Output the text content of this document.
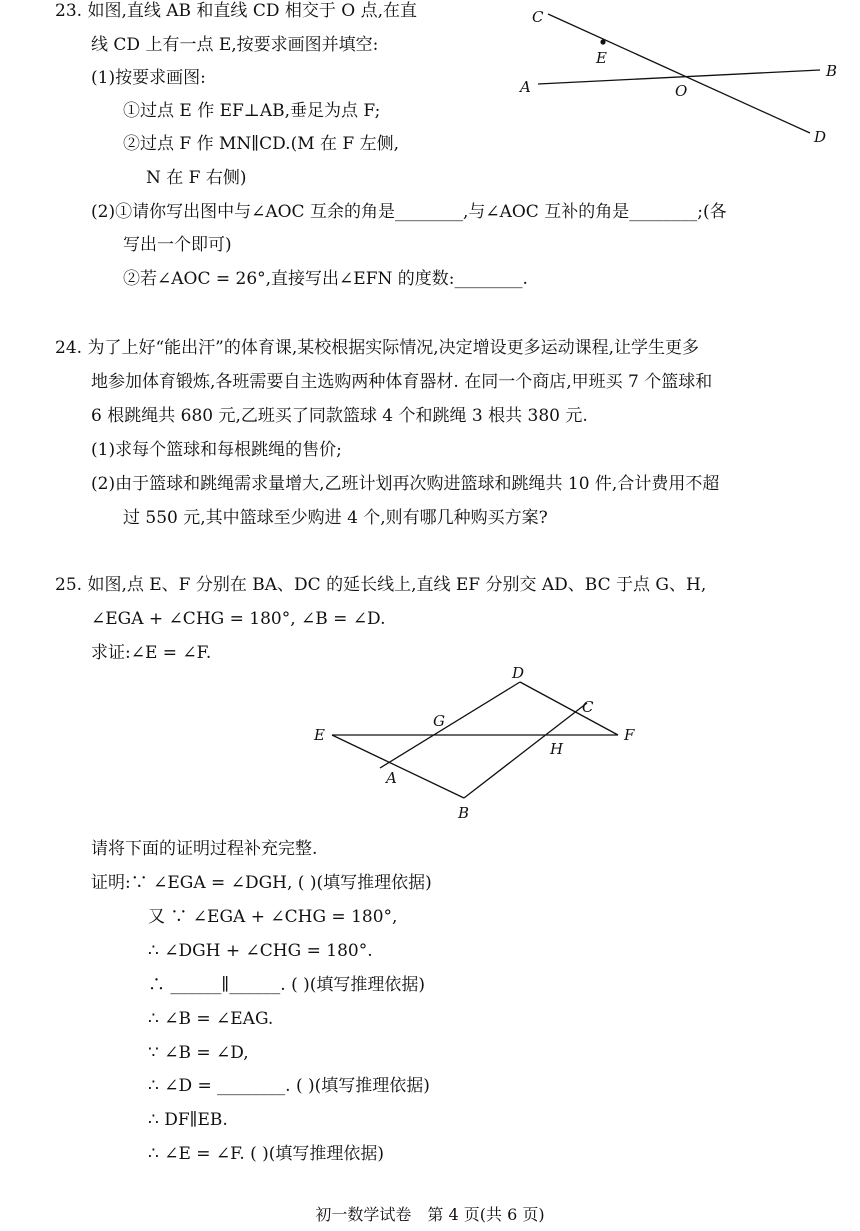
23. 如图,直线 AB 和直线 CD 相交于 O 点,在直
线 CD 上有一点 E,按要求画图并填空:
(1)按要求画图:
①过点 E 作 EF⊥AB,垂足为点 F;
②过点 F 作 MN∥CD.(M 在 F 左侧,
N 在 F 右侧)
(2)①请你写出图中与∠AOC 互余的角是________,与∠AOC 互补的角是________;(各
写出一个即可)
②若∠AOC = 26°,直接写出∠EFN 的度数:________.
C
E
A	O
B
D
24. 为了上好“能出汗”的体育课,某校根据实际情况,决定增设更多运动课程,让学生更多
地参加体育锻炼,各班需要自主选购两种体育器材. 在同一个商店,甲班买 7 个篮球和
6 根跳绳共 680 元,乙班买了同款篮球 4 个和跳绳 3 根共 380 元.
(1)求每个篮球和每根跳绳的售价;
(2)由于篮球和跳绳需求量增大,乙班计划再次购进篮球和跳绳共 10 件,合计费用不超
过 550 元,其中篮球至少购进 4 个,则有哪几种购买方案?
25. 如图,点 E、F 分别在 BA、DC 的延长线上,直线 EF 分别交 AD、BC 于点 G、H,
∠EGA + ∠CHG = 180°, ∠B = ∠D.
求证:∠E = ∠F.
D
C
E
G
F
H
A
B
请将下面的证明过程补充完整.
证明:∵ ∠EGA = ∠DGH, ( )(填写推理依据)
又 ∵ ∠EGA + ∠CHG = 180°,
∴ ∠DGH + ∠CHG = 180°.
∴ ______∥______. ( )(填写推理依据)
∴ ∠B = ∠EAG.
∵ ∠B = ∠D,
∴ ∠D = ________. ( )(填写推理依据)
∴ DF∥EB.
∴ ∠E = ∠F. ( )(填写推理依据)
初一数学试卷　第 4 页(共 6 页)
